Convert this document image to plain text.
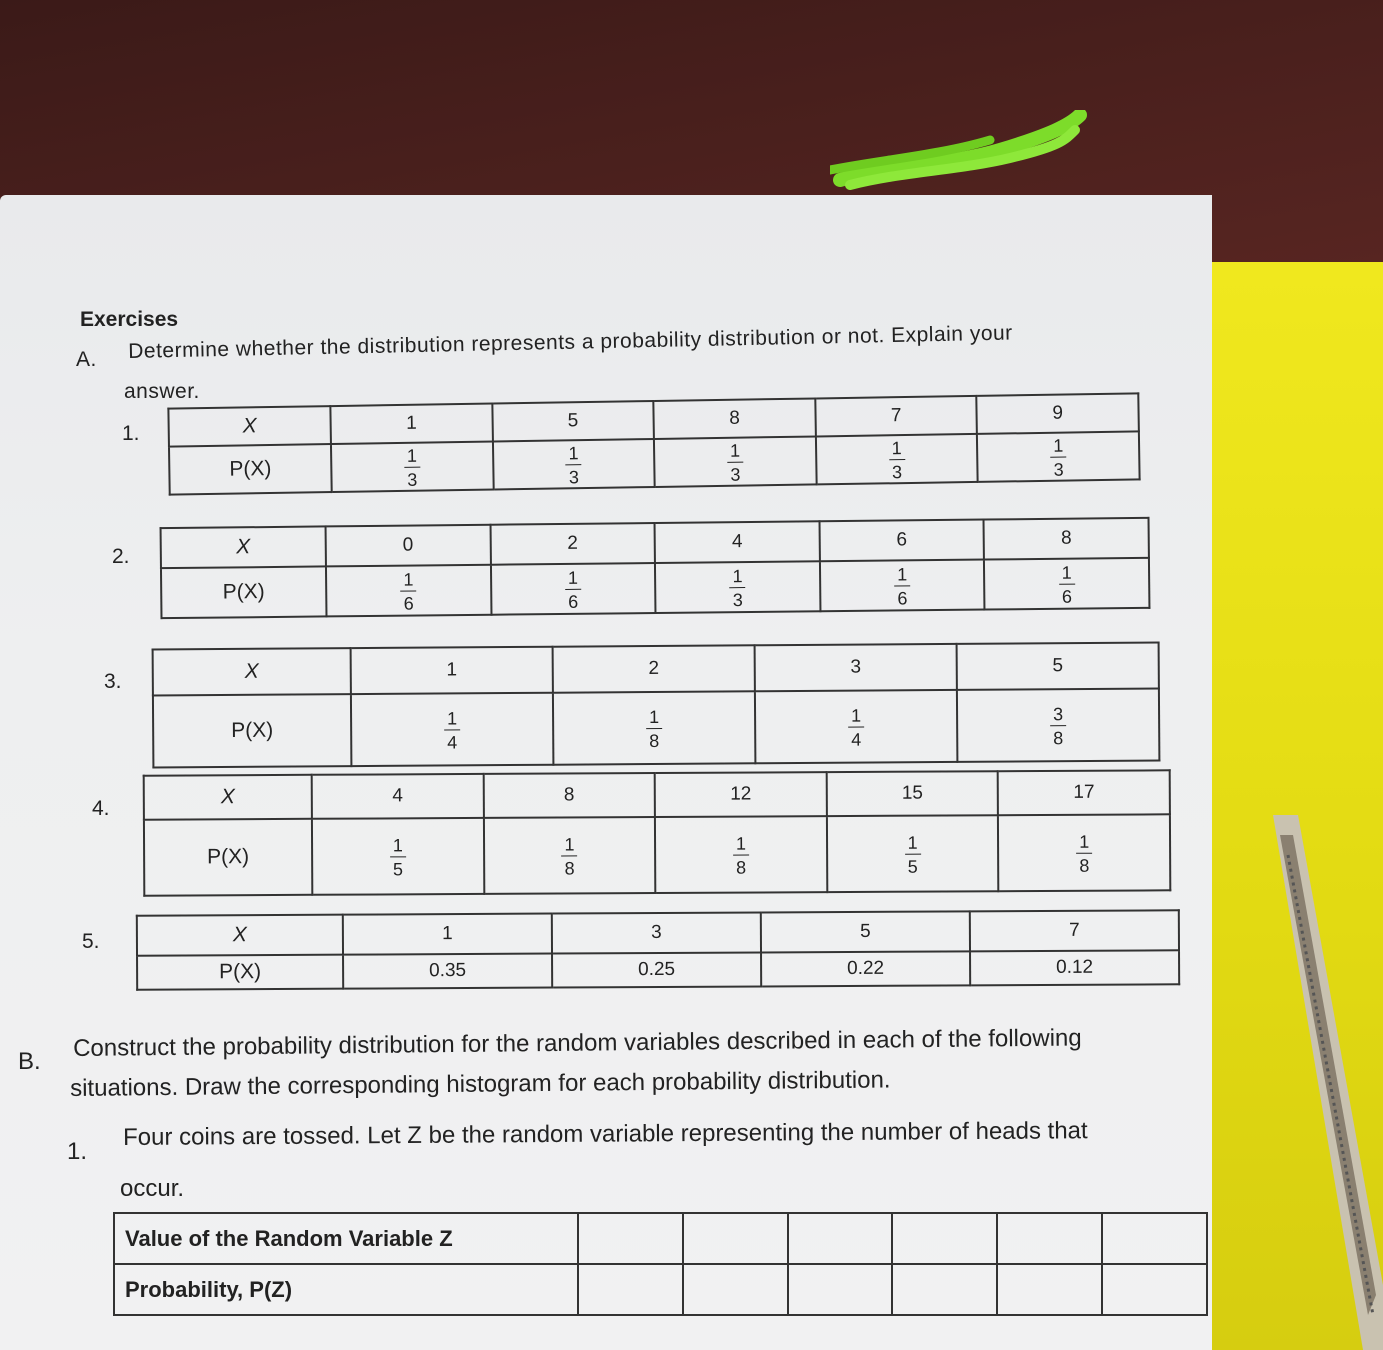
Exercises
A. Determine whether the distribution represents a probability distribution or not. Explain your
answer.
1.	X	1	5	8	7	9
P(X)	$\frac{1}{3}$	$\frac{1}{3}$	$\frac{1}{3}$	$\frac{1}{3}$	$\frac{1}{3}$
2.	X	0	2	4	6	8
P(X)	$\frac{1}{6}$	$\frac{1}{6}$	$\frac{1}{3}$	$\frac{1}{6}$	$\frac{1}{6}$
3.	X	1	2	3	5
P(X)	$\frac{1}{4}$	$\frac{1}{8}$	$\frac{1}{4}$	$\frac{3}{8}$
4.
X	4	8	12	15	17
P(X)	$\frac{1}{5}$	$\frac{1}{8}$	$\frac{1}{8}$	$\frac{1}{5}$	$\frac{1}{8}$
5.	X	1	3	5	7
P(X)	0.35	0.25	0.22	0.12
B. Construct the probability distribution for the random variables described in each of the following
situations. Draw the corresponding histogram for each probability distribution.
1.
Four coins are tossed. Let Z be the random variable representing the number of heads that
occur.
Value of the Random Variable Z						
Probability, P(Z)						
